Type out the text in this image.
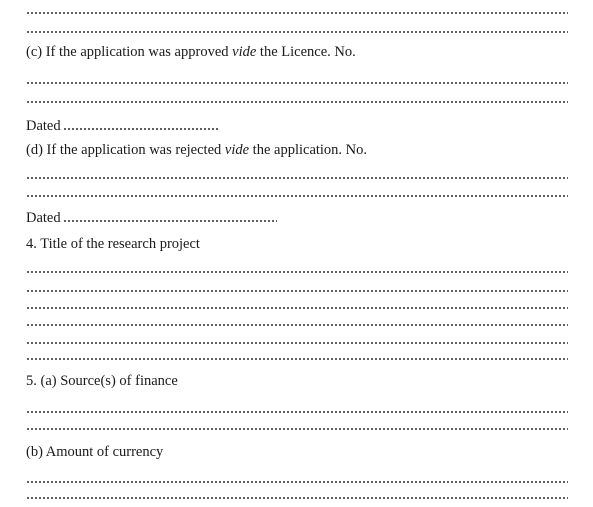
(c) If the application was approved vide the Licence. No.
Dated
(d) If the application was rejected vide the application. No.
Dated
4. Title of the research project
5. (a) Source(s) of finance
(b) Amount of currency
